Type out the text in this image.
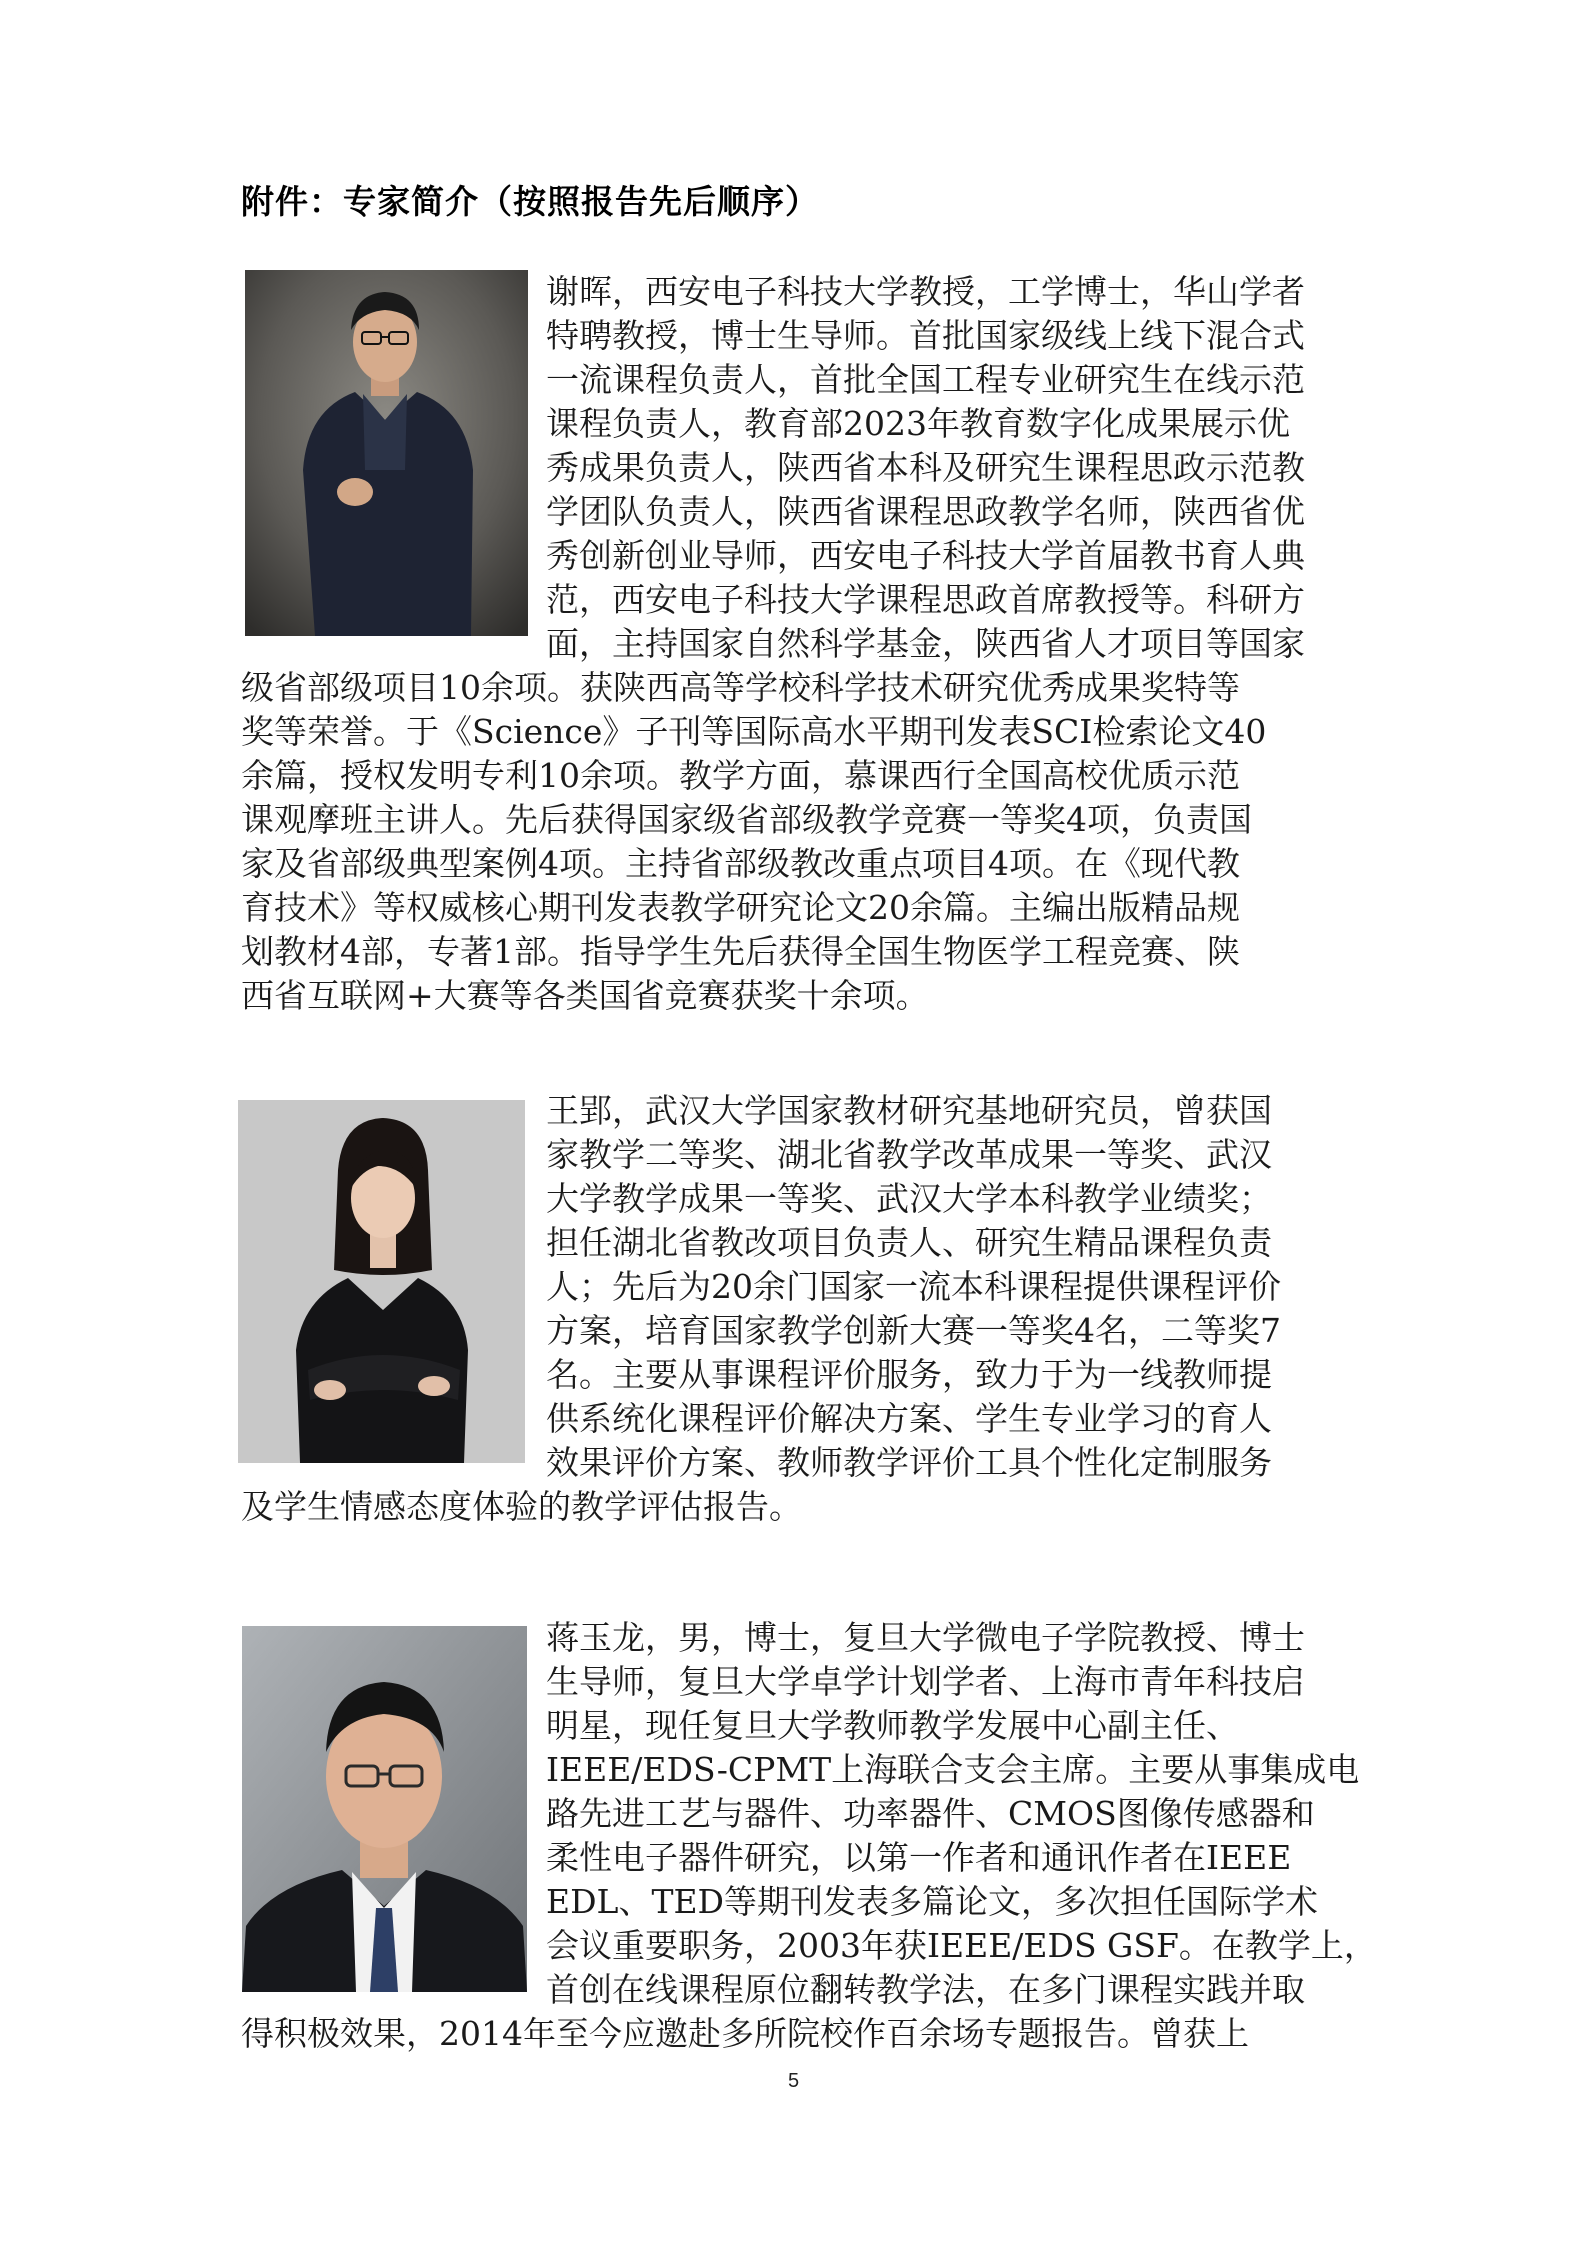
附件：专家简介（按照报告先后顺序）
谢晖，西安电子科技大学教授，工学博士，华山学者
特聘教授，博士生导师。首批国家级线上线下混合式
一流课程负责人，首批全国工程专业研究生在线示范
课程负责人，教育部2023年教育数字化成果展示优
秀成果负责人，陕西省本科及研究生课程思政示范教
学团队负责人，陕西省课程思政教学名师，陕西省优
秀创新创业导师，西安电子科技大学首届教书育人典
范，西安电子科技大学课程思政首席教授等。科研方
面，主持国家自然科学基金，陕西省人才项目等国家
级省部级项目10余项。获陕西高等学校科学技术研究优秀成果奖特等
奖等荣誉。于《Science》子刊等国际高水平期刊发表SCI检索论文40
余篇，授权发明专利10余项。教学方面，慕课西行全国高校优质示范
课观摩班主讲人。先后获得国家级省部级教学竞赛一等奖4项，负责国
家及省部级典型案例4项。主持省部级教改重点项目4项。在《现代教
育技术》等权威核心期刊发表教学研究论文20余篇。主编出版精品规
划教材4部，专著1部。指导学生先后获得全国生物医学工程竞赛、陕
西省互联网+大赛等各类国省竞赛获奖十余项。
王郢，武汉大学国家教材研究基地研究员，曾获国
家教学二等奖、湖北省教学改革成果一等奖、武汉
大学教学成果一等奖、武汉大学本科教学业绩奖；
担任湖北省教改项目负责人、研究生精品课程负责
人；先后为20余门国家一流本科课程提供课程评价
方案，培育国家教学创新大赛一等奖4名，二等奖7
名。主要从事课程评价服务，致力于为一线教师提
供系统化课程评价解决方案、学生专业学习的育人
效果评价方案、教师教学评价工具个性化定制服务
及学生情感态度体验的教学评估报告。
蒋玉龙，男，博士，复旦大学微电子学院教授、博士
生导师，复旦大学卓学计划学者、上海市青年科技启
明星，现任复旦大学教师教学发展中心副主任、
IEEE/EDS-CPMT上海联合支会主席。主要从事集成电
路先进工艺与器件、功率器件、CMOS图像传感器和
柔性电子器件研究，以第一作者和通讯作者在IEEE
EDL、TED等期刊发表多篇论文，多次担任国际学术
会议重要职务，2003年获IEEE/EDS GSF。在教学上，
首创在线课程原位翻转教学法，在多门课程实践并取
得积极效果，2014年至今应邀赴多所院校作百余场专题报告。曾获上
5
